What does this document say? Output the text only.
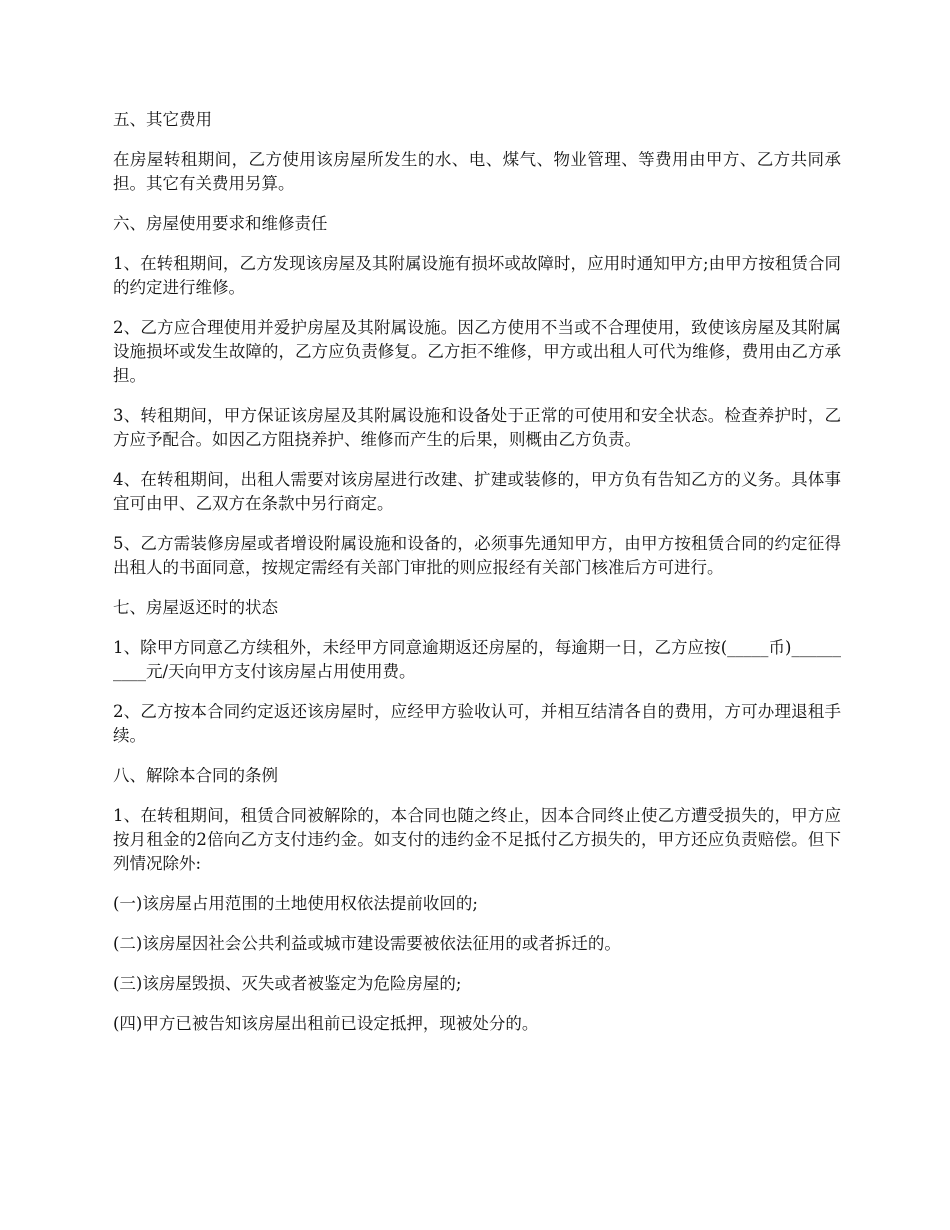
五、其它费用

在房屋转租期间，乙方使用该房屋所发生的水、电、煤气、物业管理、等费用由甲方、乙方共同承担。其它有关费用另算。

六、房屋使用要求和维修责任

1、在转租期间，乙方发现该房屋及其附属设施有损坏或故障时，应用时通知甲方;由甲方按租赁合同的约定进行维修。

2、乙方应合理使用并爱护房屋及其附属设施。因乙方使用不当或不合理使用，致使该房屋及其附属设施损坏或发生故障的，乙方应负责修复。乙方拒不维修，甲方或出租人可代为维修，费用由乙方承担。

3、转租期间，甲方保证该房屋及其附属设施和设备处于正常的可使用和安全状态。检查养护时，乙方应予配合。如因乙方阻挠养护、维修而产生的后果，则概由乙方负责。

4、在转租期间，出租人需要对该房屋进行改建、扩建或装修的，甲方负有告知乙方的义务。具体事宜可由甲、乙双方在条款中另行商定。

5、乙方需装修房屋或者增设附属设施和设备的，必须事先通知甲方，由甲方按租赁合同的约定征得出租人的书面同意，按规定需经有关部门审批的则应报经有关部门核准后方可进行。

七、房屋返还时的状态

1、除甲方同意乙方续租外，未经甲方同意逾期返还房屋的，每逾期一日，乙方应按(_____币)__________元/天向甲方支付该房屋占用使用费。

2、乙方按本合同约定返还该房屋时，应经甲方验收认可，并相互结清各自的费用，方可办理退租手续。

八、解除本合同的条例

1、在转租期间，租赁合同被解除的，本合同也随之终止，因本合同终止使乙方遭受损失的，甲方应按月租金的2倍向乙方支付违约金。如支付的违约金不足抵付乙方损失的，甲方还应负责赔偿。但下列情况除外:

(一)该房屋占用范围的土地使用权依法提前收回的;

(二)该房屋因社会公共利益或城市建设需要被依法征用的或者拆迁的。

(三)该房屋毁损、灭失或者被鉴定为危险房屋的;

(四)甲方已被告知该房屋出租前已设定抵押，现被处分的。
